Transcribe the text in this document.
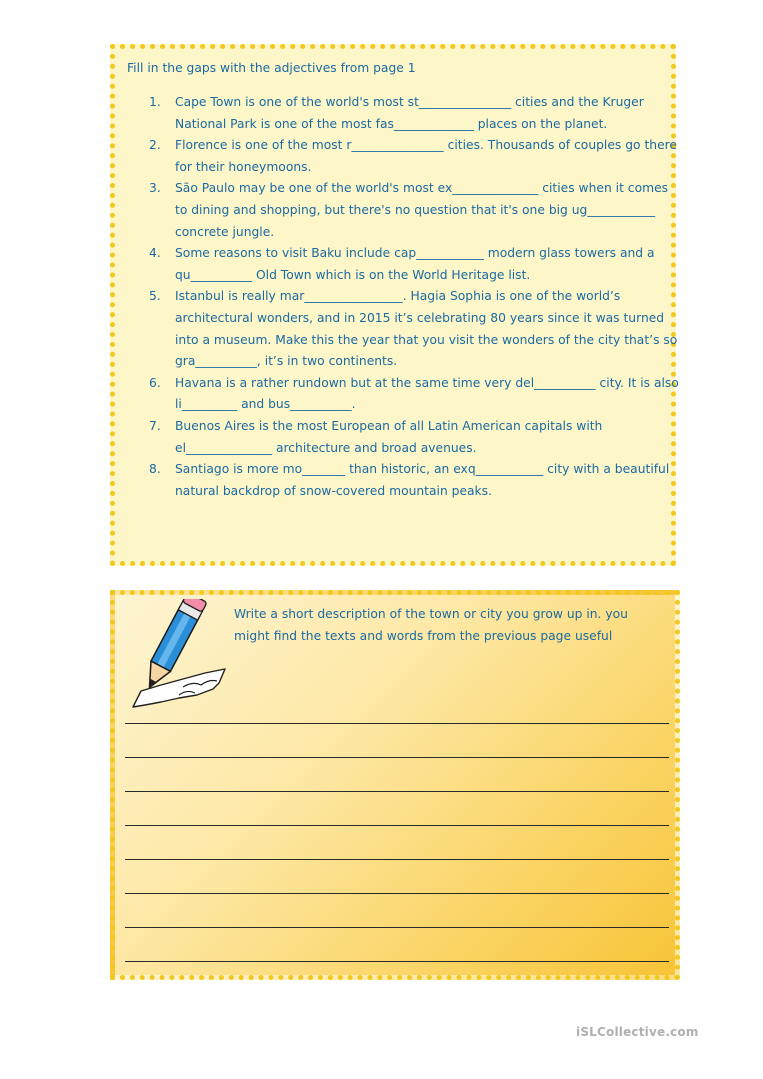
Fill in the gaps with the adjectives from page 1

1. Cape Town is one of the world's most st_______________ cities and the Kruger National Park is one of the most fas_____________ places on the planet.
2. Florence is one of the most r_______________ cities. Thousands of couples go there for their honeymoons.
3. São Paulo may be one of the world's most ex______________ cities when it comes to dining and shopping, but there's no question that it's one big ug___________ concrete jungle.
4. Some reasons to visit Baku include cap___________ modern glass towers and a qu__________ Old Town which is on the World Heritage list.
5. Istanbul is really mar________________. Hagia Sophia is one of the world’s architectural wonders, and in 2015 it’s celebrating 80 years since it was turned into a museum. Make this the year that you visit the wonders of the city that’s so gra__________, it’s in two continents.
6. Havana is a rather rundown but at the same time very del__________ city. It is also li_________ and bus__________.
7. Buenos Aires is the most European of all Latin American capitals with el______________ architecture and broad avenues.
8. Santiago is more mo_______ than historic, an exq___________ city with a beautiful natural backdrop of snow-covered mountain peaks.

Write a short description of the town or city you grow up in. you might find the texts and words from the previous page useful

iSLCollective.com
